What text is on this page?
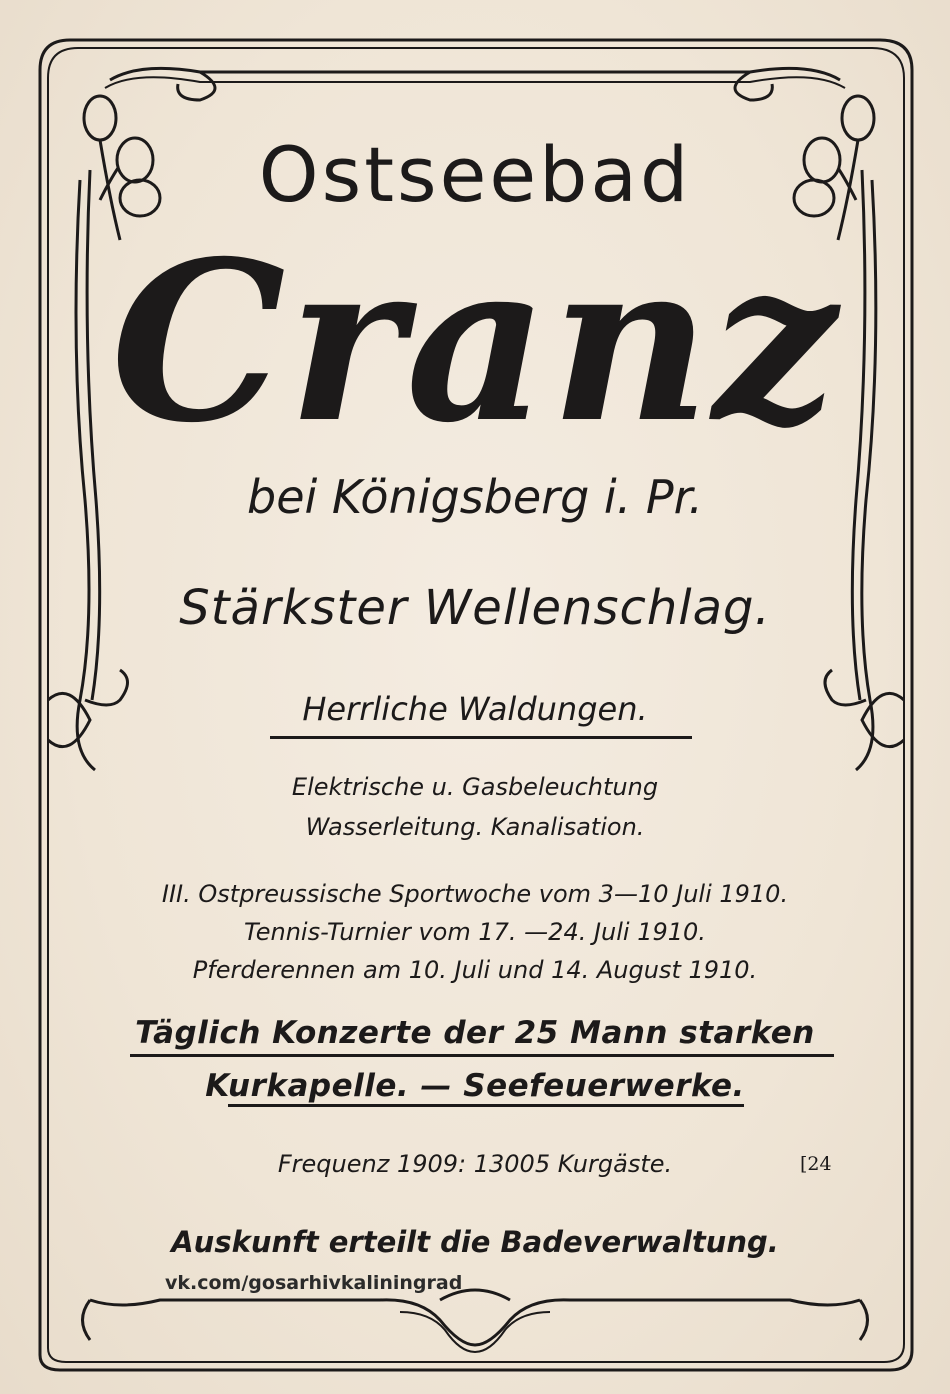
Ostseebad

Cranz

bei Königsberg i. Pr.

Stärkster Wellenschlag.

Herrliche Waldungen.

Elektrische u. Gasbeleuchtung

Wasserleitung. Kanalisation.

III. Ostpreussische Sportwoche vom 3—10 Juli 1910.

Tennis-Turnier vom 17. —24. Juli 1910.

Pferderennen am 10. Juli und 14. August 1910.

Täglich Konzerte der 25 Mann starken

Kurkapelle. — Seefeuerwerke.

Frequenz 1909: 13005 Kurgäste.	[24

Auskunft erteilt die Badeverwaltung.

vk.com/gosarhivkaliningrad
